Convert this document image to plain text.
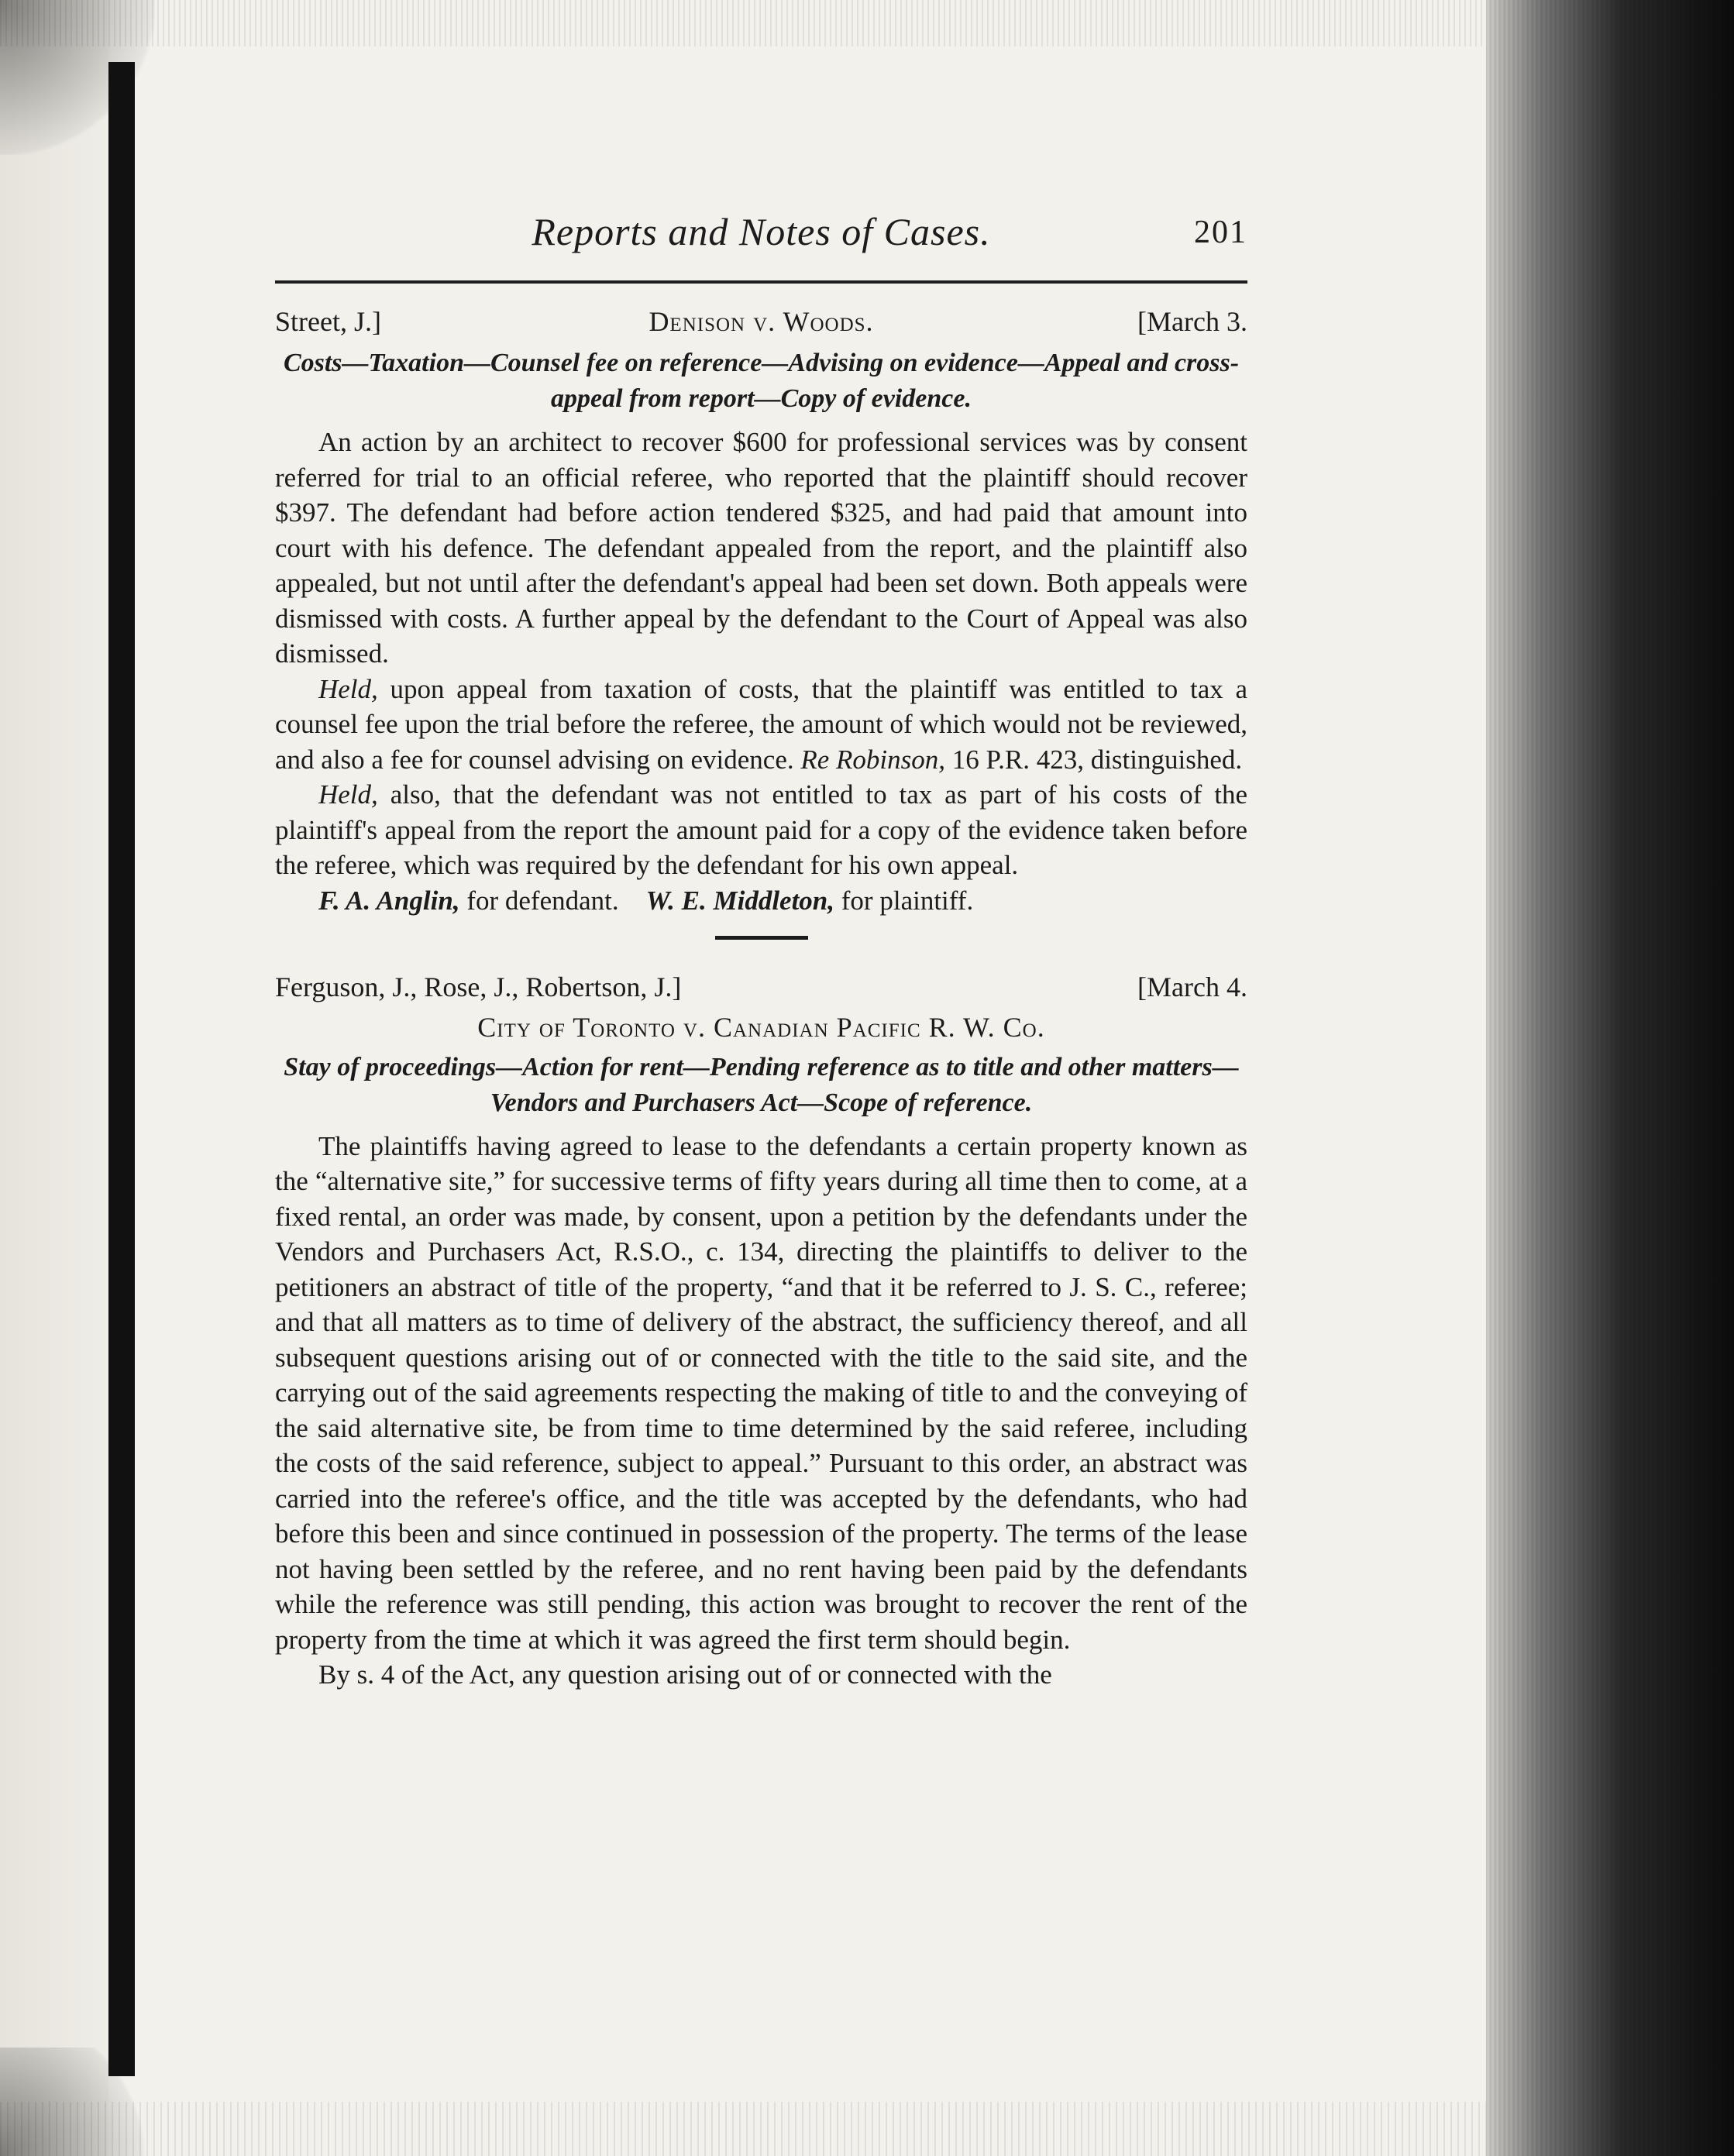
Reports and Notes of Cases.	201
Street, J.]	Denison v. Woods.	[March 3.
Costs—Taxation—Counsel fee on reference—Advising on evidence—Appeal and cross-appeal from report—Copy of evidence.

An action by an architect to recover $600 for professional services was by consent referred for trial to an official referee, who reported that the plaintiff should recover $397. The defendant had before action tendered $325, and had paid that amount into court with his defence. The defendant appealed from the report, and the plaintiff also appealed, but not until after the defendant's appeal had been set down. Both appeals were dismissed with costs. A further appeal by the defendant to the Court of Appeal was also dismissed.

Held, upon appeal from taxation of costs, that the plaintiff was entitled to tax a counsel fee upon the trial before the referee, the amount of which would not be reviewed, and also a fee for counsel advising on evidence. Re Robinson, 16 P.R. 423, distinguished.

Held, also, that the defendant was not entitled to tax as part of his costs of the plaintiff's appeal from the report the amount paid for a copy of the evidence taken before the referee, which was required by the defendant for his own appeal.

F. A. Anglin, for defendant. W. E. Middleton, for plaintiff.
Ferguson, J., Rose, J., Robertson, J.]	[March 4.
City of Toronto v. Canadian Pacific R. W. Co.
Stay of proceedings—Action for rent—Pending reference as to title and other matters—Vendors and Purchasers Act—Scope of reference.

The plaintiffs having agreed to lease to the defendants a certain property known as the “alternative site,” for successive terms of fifty years during all time then to come, at a fixed rental, an order was made, by consent, upon a petition by the defendants under the Vendors and Purchasers Act, R.S.O., c. 134, directing the plaintiffs to deliver to the petitioners an abstract of title of the property, “and that it be referred to J. S. C., referee; and that all matters as to time of delivery of the abstract, the sufficiency thereof, and all subsequent questions arising out of or connected with the title to the said site, and the carrying out of the said agreements respecting the making of title to and the conveying of the said alternative site, be from time to time determined by the said referee, including the costs of the said reference, subject to appeal.” Pursuant to this order, an abstract was carried into the referee's office, and the title was accepted by the defendants, who had before this been and since continued in possession of the property. The terms of the lease not having been settled by the referee, and no rent having been paid by the defendants while the reference was still pending, this action was brought to recover the rent of the property from the time at which it was agreed the first term should begin.

By s. 4 of the Act, any question arising out of or connected with the
